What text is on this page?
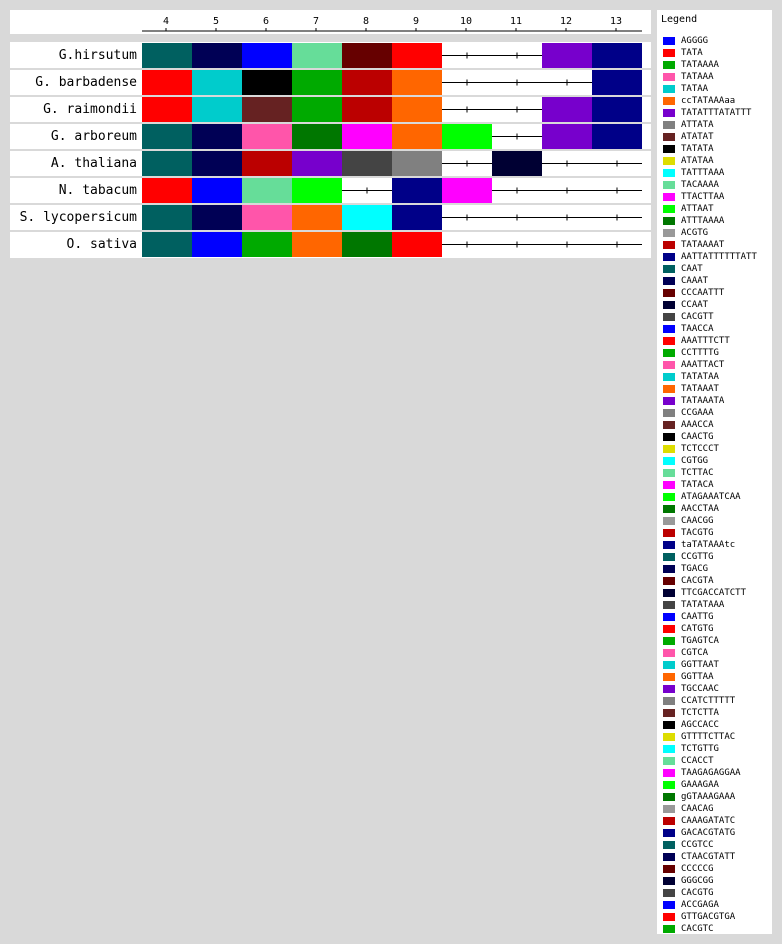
4	5	6	7	8	9	10	11	12	13
G.hirsutum
G. barbadense
G. raimondii
G. arboreum
A. thaliana
N. tabacum
S. lycopersicum
O. sativa
Legend
AGGGG
TATA
TATAAAA
TATAAA
TATAA
ccTATAAAaa
TATATTTATATTT
ATTATA
ATATAT
TATATA
ATATAA
TATTTAAA
TACAAAA
TTACTTAA
ATTAAT
ATTTAAAA
ACGTG
TATAAAAT
AATTATTTTTTATT
CAAT
CAAAT
CCCAATTT
CCAAT
CACGTT
TAACCA
AAATTTCTT
CCTTTTG
AAATTACT
TATATAA
TATAAAT
TATAAATA
CCGAAA
AAACCA
CAACTG
TCTCCCT
CGTGG
TCTTAC
TATACA
ATAGAAATCAA
AACCTAA
CAACGG
TACGTG
taTATAAAtc
CCGTTG
TGACG
CACGTA
TTCGACCATCTT
TATATAAA
CAATTG
CATGTG
TGAGTCA
CGTCA
GGTTAAT
GGTTAA
TGCCAAC
CCATCTTTTT
TCTCTTA
AGCCACC
GTTTTCTTAC
TCTGTTG
CCACCT
TAAGAGAGGAA
GAAAGAA
gGTAAAGAAA
CAACAG
CAAAGATATC
GACACGTATG
CCGTCC
CTAACGTATT
CCCCCG
GGGCGG
CACGTG
ACCGAGA
GTTGACGTGA
CACGTC
